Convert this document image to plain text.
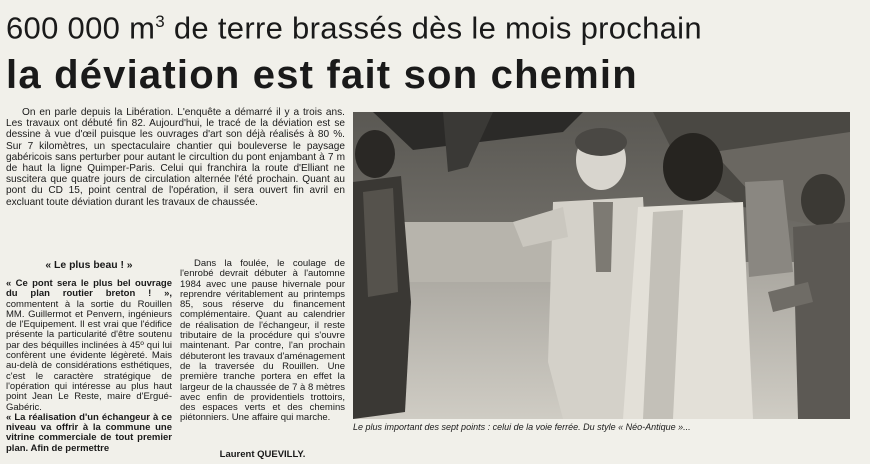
600 000 $m^3$ de terre brassés dès le mois prochain
la déviation est fait son chemin

On en parle depuis la Libération. L'enquête a démarré il y a trois ans. Les travaux ont débuté fin 82. Aujourd'hui, le tracé de la déviation est se dessine à vue d'œil puisque les ouvrages d'art son déjà réalisés à 80 %. Sur 7 kilomètres, un spectaculaire chantier qui bouleverse le paysage gabéricois sans perturber pour autant le circultion du pont enjambant à 7 m de haut la ligne Quimper-Paris. Celui qui franchira la route d'Elliant ne suscitera que quatre jours de circulation alternée l'été prochain. Quant au pont du CD 15, point central de l'opération, il sera ouvert fin avril en excluant toute déviation durant les travaux de chaussée.

« Le plus beau ! »

« Ce pont sera le plus bel ouvrage du plan routier breton ! », commentent à la sortie du Rouillen MM. Guillermot et Penvern, ingénieurs de l'Equipement. Il est vrai que l'édifice présente la particularité d'être soutenu par des béquilles inclinées à 45º qui lui confèrent une évidente légèreté. Mais au-delà de considérations esthétiques, c'est le caractère stratégique de l'opération qui intéresse au plus haut point Jean Le Reste, maire d'Ergué-Gabéric.

« La réalisation d'un échangeur à ce niveau va offrir à la commune une vitrine commerciale de tout premier plan. Afin de permettre

Dans la foulée, le coulage de l'enrobé devrait débuter à l'automne 1984 avec une pause hivernale pour reprendre véritablement au printemps 85, sous réserve du financement complémentaire. Quant au calendrier de réalisation de l'échangeur, il reste tributaire de la procédure qui s'ouvre maintenant. Par contre, l'an prochain débuteront les travaux d'aménagement de la traversée du Rouillen. Une première tranche portera en effet la largeur de la chaussée de 7 à 8 mètres avec enfin de providentiels trottoirs, des espaces verts et des chemins piétonniers. Une affaire qui marche.

Laurent QUEVILLY.
Le plus important des sept points : celui de la voie ferrée. Du style « Néo-Antique »...
